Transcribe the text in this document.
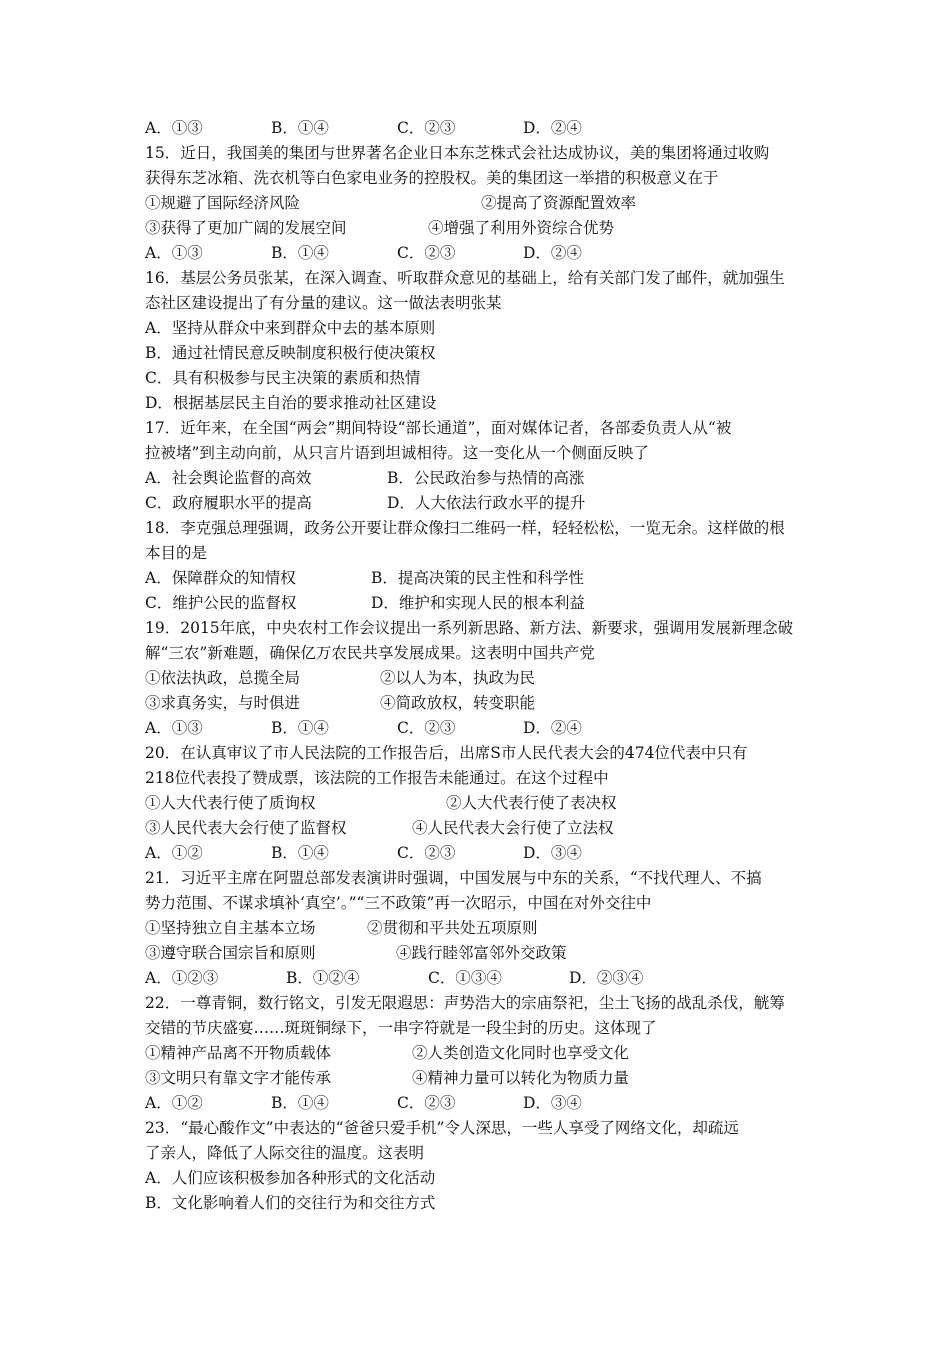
A．①③	B．①④	C．②③	D．②④
15．近日，我国美的集团与世界著名企业日本东芝株式会社达成协议，美的集团将通过收购
获得东芝冰箱、洗衣机等白色家电业务的控股权。美的集团这一举措的积极意义在于
①规避了国际经济风险	②提高了资源配置效率
③获得了更加广阔的发展空间	④增强了利用外资综合优势
A．①③	B．①④	C．②③	D．②④
16．基层公务员张某，在深入调查、听取群众意见的基础上，给有关部门发了邮件，就加强生
态社区建设提出了有分量的建议。这一做法表明张某
A．坚持从群众中来到群众中去的基本原则
B．通过社情民意反映制度积极行使决策权
C．具有积极参与民主决策的素质和热情
D．根据基层民主自治的要求推动社区建设
17．近年来，在全国“两会”期间特设“部长通道”，面对媒体记者，各部委负责人从“被
拉被堵”到主动向前，从只言片语到坦诚相待。这一变化从一个侧面反映了
A．社会舆论监督的高效	B．公民政治参与热情的高涨
C．政府履职水平的提高	D．人大依法行政水平的提升
18．李克强总理强调，政务公开要让群众像扫二维码一样，轻轻松松，一览无余。这样做的根
本目的是
A．保障群众的知情权	B．提高决策的民主性和科学性
C．维护公民的监督权	D．维护和实现人民的根本利益
19．2015年底，中央农村工作会议提出一系列新思路、新方法、新要求，强调用发展新理念破
解“三农”新难题，确保亿万农民共享发展成果。这表明中国共产党
①依法执政，总揽全局	②以人为本，执政为民
③求真务实，与时俱进	④简政放权，转变职能
A．①③	B．①④	C．②③	D．②④
20．在认真审议了市人民法院的工作报告后，出席S市人民代表大会的474位代表中只有
218位代表投了赞成票，该法院的工作报告未能通过。在这个过程中
①人大代表行使了质询权	②人大代表行使了表决权
③人民代表大会行使了监督权	④人民代表大会行使了立法权
A．①②	B．①④	C．②③	D．③④
21．习近平主席在阿盟总部发表演讲时强调，中国发展与中东的关系，“不找代理人、不搞
势力范围、不谋求填补‘真空’。”“三不政策”再一次昭示，中国在对外交往中
①坚持独立自主基本立场	②贯彻和平共处五项原则
③遵守联合国宗旨和原则	④践行睦邻富邻外交政策
A．①②③	B．①②④	C．①③④	D．②③④
22．一尊青铜，数行铭文，引发无限遐思：声势浩大的宗庙祭祀，尘土飞扬的战乱杀伐，觥筹
交错的节庆盛宴……斑斑铜绿下，一串字符就是一段尘封的历史。这体现了
①精神产品离不开物质载体	②人类创造文化同时也享受文化
③文明只有靠文字才能传承	④精神力量可以转化为物质力量
A．①②	B．①④	C．②③	D．③④
23．“最心酸作文”中表达的“爸爸只爱手机”令人深思，一些人享受了网络文化，却疏远
了亲人，降低了人际交往的温度。这表明
A．人们应该积极参加各种形式的文化活动
B．文化影响着人们的交往行为和交往方式
